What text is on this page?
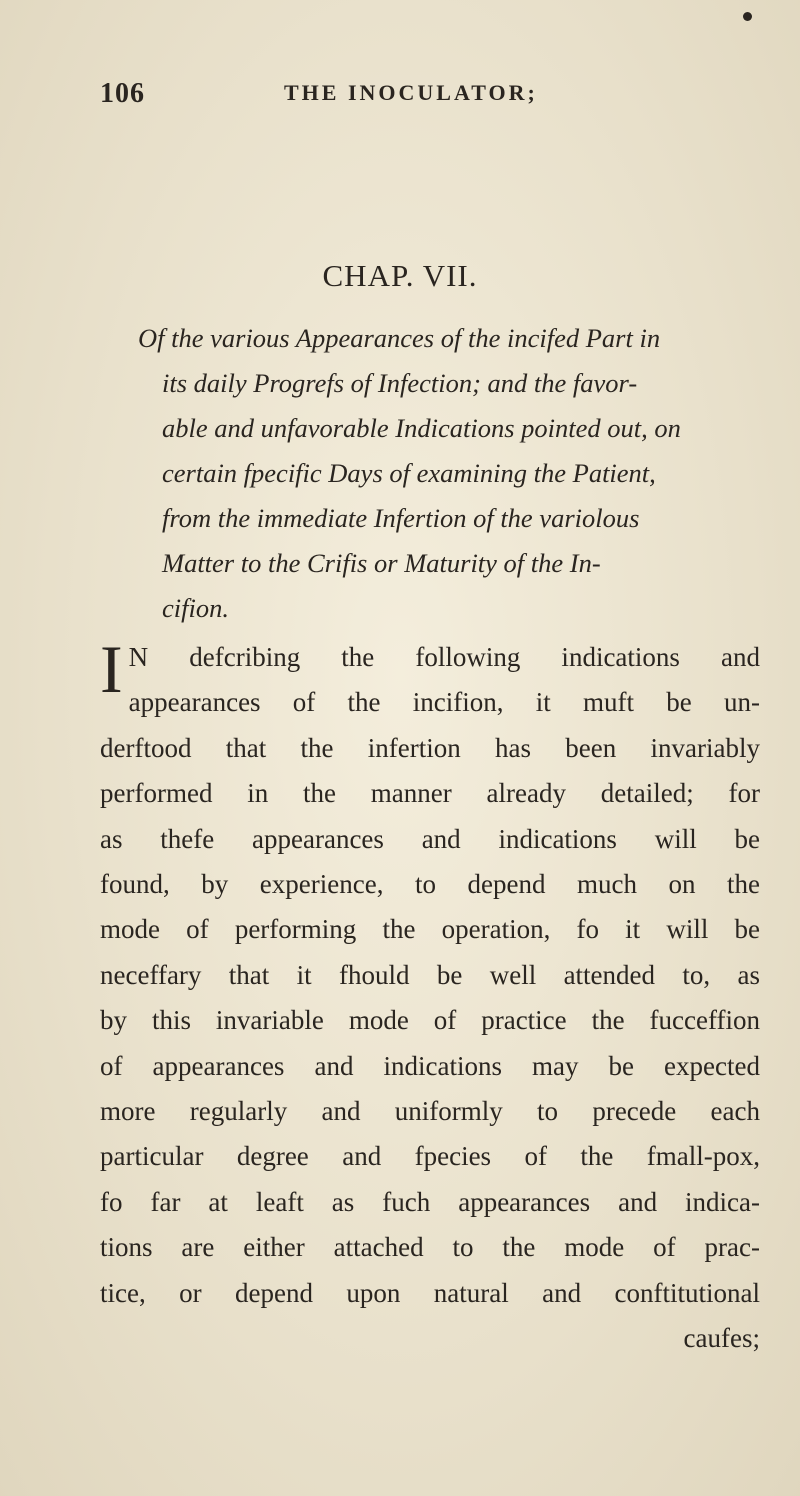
106	THE INOCULATOR;
CHAP. VII.
Of the various Appearances of the incifed Part in
its daily Progrefs of Infection; and the favor-
able and unfavorable Indications pointed out, on
certain fpecific Days of examining the Patient,
from the immediate Infertion of the variolous
Matter to the Crifis or Maturity of the In-
cifion.
I N defcribing the following indications and
appearances of the incifion, it muft be un-
derftood that the infertion has been invariably
performed in the manner already detailed; for
as thefe appearances and indications will be
found, by experience, to depend much on the
mode of performing the operation, fo it will be
neceffary that it fhould be well attended to, as
by this invariable mode of practice the fucceffion
of appearances and indications may be expected
more regularly and uniformly to precede each
particular degree and fpecies of the fmall-pox,
fo far at leaft as fuch appearances and indica-
tions are either attached to the mode of prac-
tice, or depend upon natural and conftitutional
caufes;
